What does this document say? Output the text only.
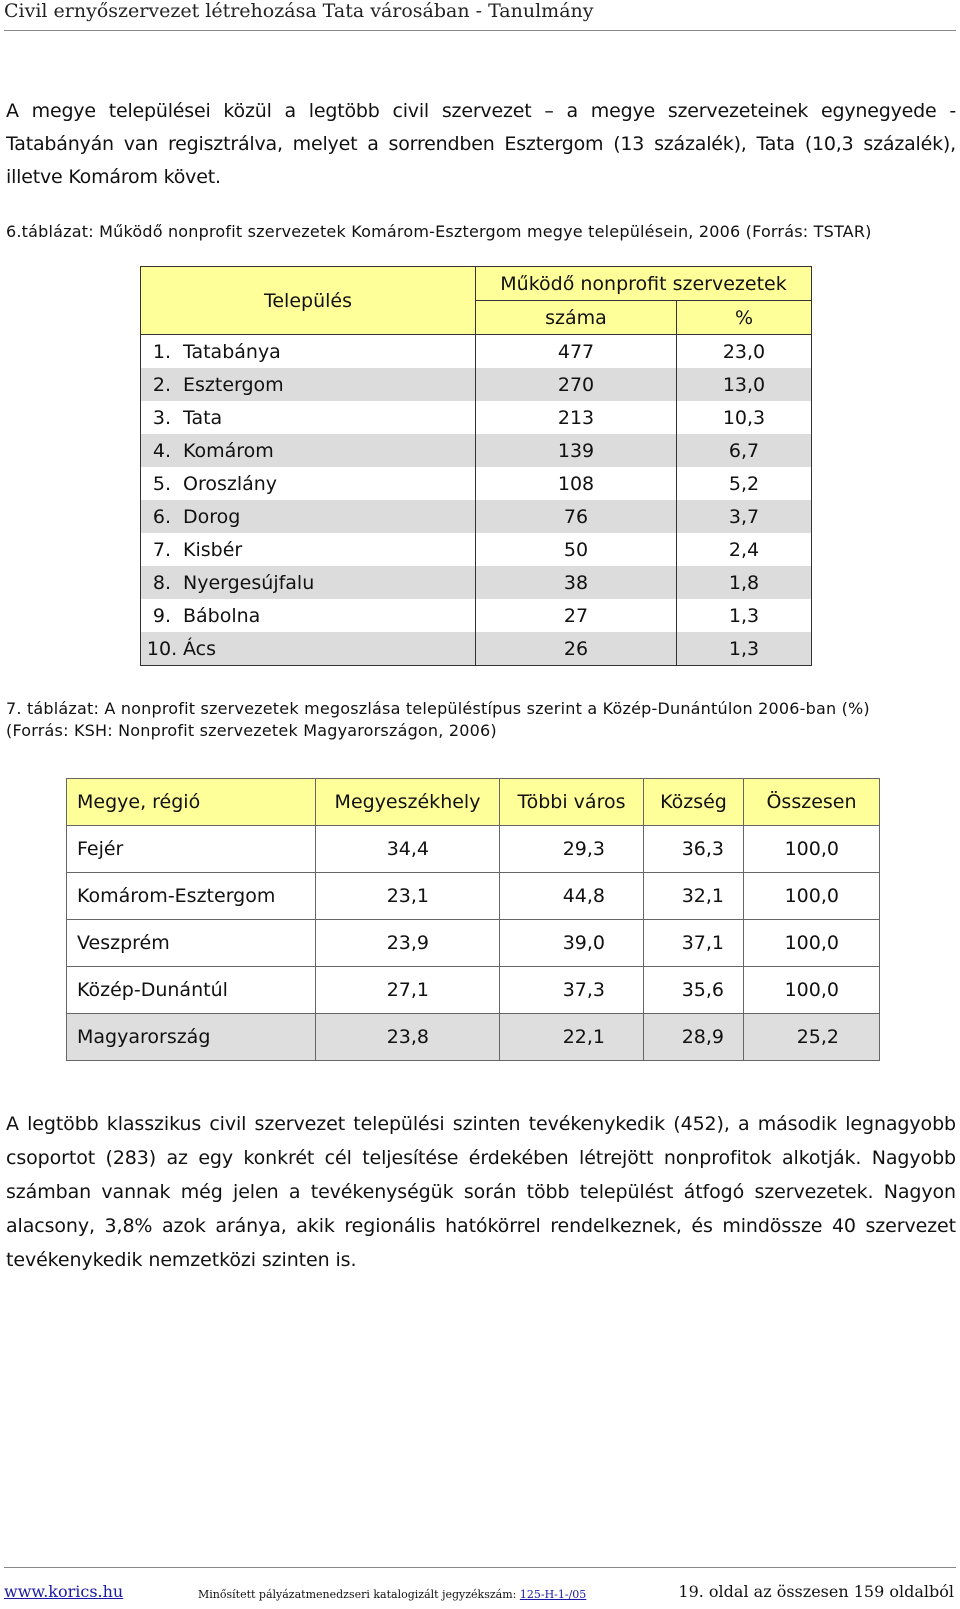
Civil ernyőszervezet létrehozása Tata városában - Tanulmány
A megye települései közül a legtöbb civil szervezet – a megye szervezeteinek egynegyede - Tatabányán van regisztrálva, melyet a sorrendben Esztergom (13 százalék), Tata (10,3 százalék), illetve Komárom követ.
6.táblázat: Működő nonprofit szervezetek Komárom-Esztergom megye településein, 2006 (Forrás: TSTAR)
Település	Működő nonprofit szervezetek	
	száma	%

1. Tatabánya	477	23,0

2. Esztergom	270	13,0

3. Tata	213	10,3

4. Komárom	139	6,7

5. Oroszlány	108	5,2

6. Dorog	76	3,7

7. Kisbér	50	2,4

8. Nyergesújfalu	38	1,8

9. Bábolna	27	1,3

10. Ács	26	1,3
7. táblázat: A nonprofit szervezetek megoszlása településtípus szerint a Közép-Dunántúlon 2006-ban (%) (Forrás: KSH: Nonprofit szervezetek Magyarországon, 2006)
Megye, régió	Megyeszékhely	Többi város	Község	Összesen
Fejér	34,4	29,3	36,3	100,0
Komárom-Esztergom	23,1	44,8	32,1	100,0
Veszprém	23,9	39,0	37,1	100,0
Közép-Dunántúl	27,1	37,3	35,6	100,0
Magyarország	23,8	22,1	28,9	25,2
A legtöbb klasszikus civil szervezet települési szinten tevékenykedik (452), a második legnagyobb csoportot (283) az egy konkrét cél teljesítése érdekében létrejött nonprofitok alkotják. Nagyobb számban vannak még jelen a tevékenységük során több települést átfogó szervezetek. Nagyon alacsony, 3,8% azok aránya, akik regionális hatókörrel rendelkeznek, és mindössze 40 szervezet tevékenykedik nemzetközi szinten is.
www.korics.hu	Minősített pályázatmenedzseri katalogizált jegyzékszám: 125-H-1-/05	19. oldal az összesen 159 oldalból
